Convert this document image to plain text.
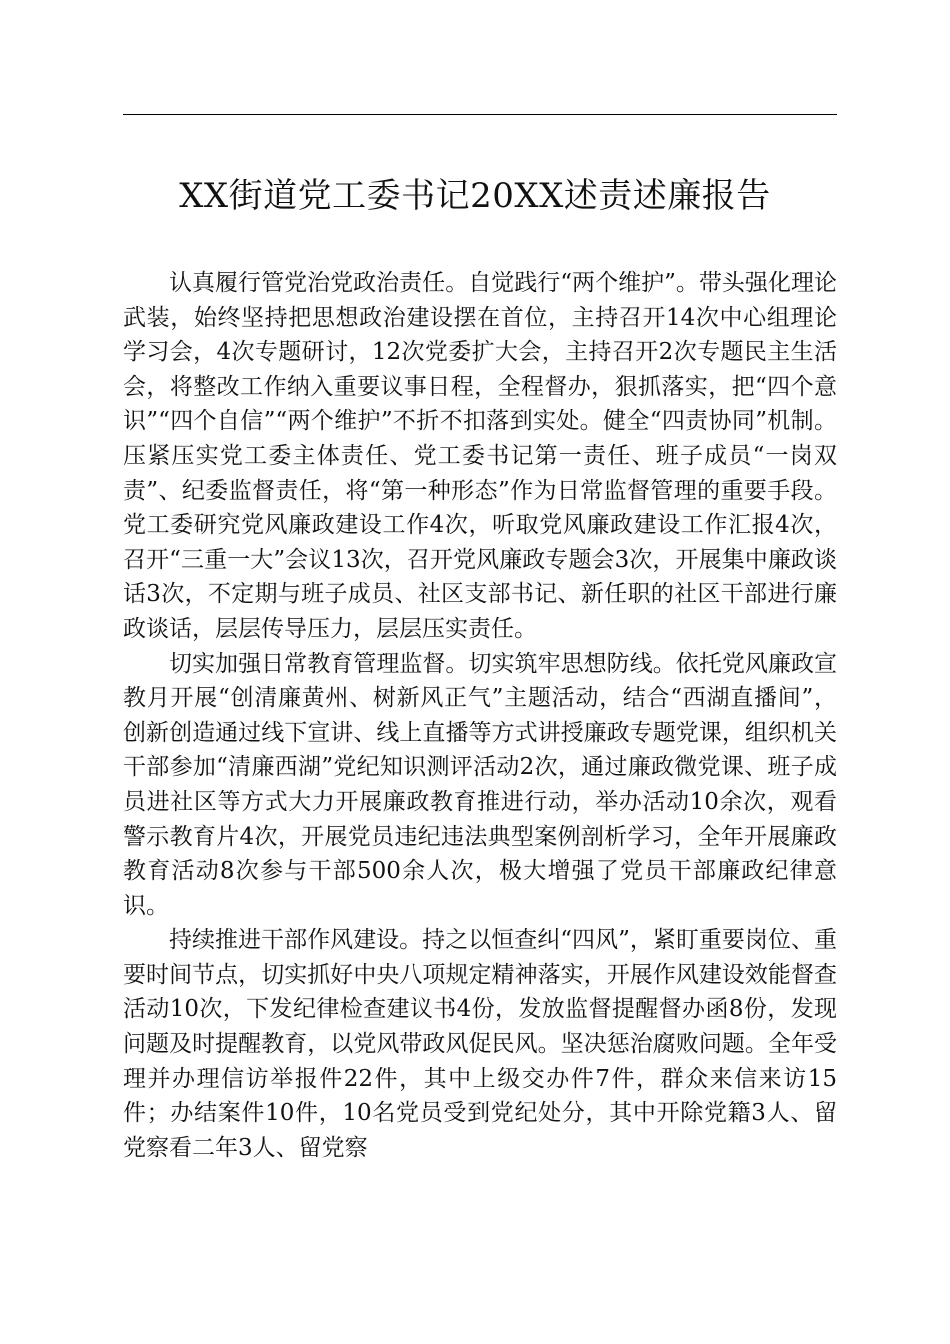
XX街道党工委书记20XX述责述廉报告

认真履行管党治党政治责任。自觉践行“两个维护”。带头强化理论武装，始终坚持把思想政治建设摆在首位，主持召开14次中心组理论学习会，4次专题研讨，12次党委扩大会，主持召开2次专题民主生活会，将整改工作纳入重要议事日程，全程督办，狠抓落实，把“四个意识”“四个自信”“两个维护”不折不扣落到实处。健全“四责协同”机制。压紧压实党工委主体责任、党工委书记第一责任、班子成员“一岗双责”、纪委监督责任，将“第一种形态”作为日常监督管理的重要手段。党工委研究党风廉政建设工作4次，听取党风廉政建设工作汇报4次，召开“三重一大”会议13次，召开党风廉政专题会3次，开展集中廉政谈话3次，不定期与班子成员、社区支部书记、新任职的社区干部进行廉政谈话，层层传导压力，层层压实责任。

切实加强日常教育管理监督。切实筑牢思想防线。依托党风廉政宣教月开展“创清廉黄州、树新风正气”主题活动，结合“西湖直播间”，创新创造通过线下宣讲、线上直播等方式讲授廉政专题党课，组织机关干部参加“清廉西湖”党纪知识测评活动2次，通过廉政微党课、班子成员进社区等方式大力开展廉政教育推进行动，举办活动10余次，观看警示教育片4次，开展党员违纪违法典型案例剖析学习，全年开展廉政教育活动8次参与干部500余人次，极大增强了党员干部廉政纪律意识。

持续推进干部作风建设。持之以恒查纠“四风”，紧盯重要岗位、重要时间节点，切实抓好中央八项规定精神落实，开展作风建设效能督查活动10次，下发纪律检查建议书4份，发放监督提醒督办函8份，发现问题及时提醒教育，以党风带政风促民风。坚决惩治腐败问题。全年受理并办理信访举报件22件，其中上级交办件7件，群众来信来访15件；办结案件10件，10名党员受到党纪处分，其中开除党籍3人、留党察看二年3人、留党察
